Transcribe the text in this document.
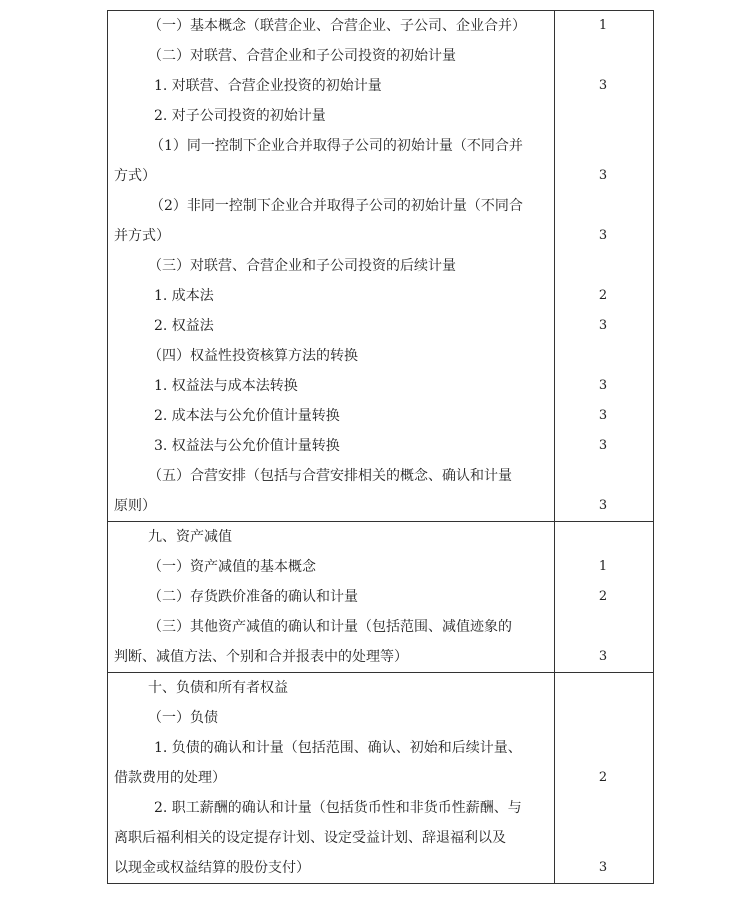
（一）基本概念（联营企业、合营企业、子公司、企业合并）	1
（二）对联营、合营企业和子公司投资的初始计量
1. 对联营、合营企业投资的初始计量	3
2. 对子公司投资的初始计量
（1）同一控制下企业合并取得子公司的初始计量（不同合并
方式）	3
（2）非同一控制下企业合并取得子公司的初始计量（不同合
并方式）	3
（三）对联营、合营企业和子公司投资的后续计量
1. 成本法	2
2. 权益法	3
（四）权益性投资核算方法的转换
1. 权益法与成本法转换	3
2. 成本法与公允价值计量转换	3
3. 权益法与公允价值计量转换	3
（五）合营安排（包括与合营安排相关的概念、确认和计量
原则）	3
九、资产减值
（一）资产减值的基本概念	1
（二）存货跌价准备的确认和计量	2
（三）其他资产减值的确认和计量（包括范围、减值迹象的
判断、减值方法、个别和合并报表中的处理等）	3
十、负债和所有者权益
（一）负债
1. 负债的确认和计量（包括范围、确认、初始和后续计量、
借款费用的处理）	2
2. 职工薪酬的确认和计量（包括货币性和非货币性薪酬、与
离职后福利相关的设定提存计划、设定受益计划、辞退福利以及
以现金或权益结算的股份支付）	3
